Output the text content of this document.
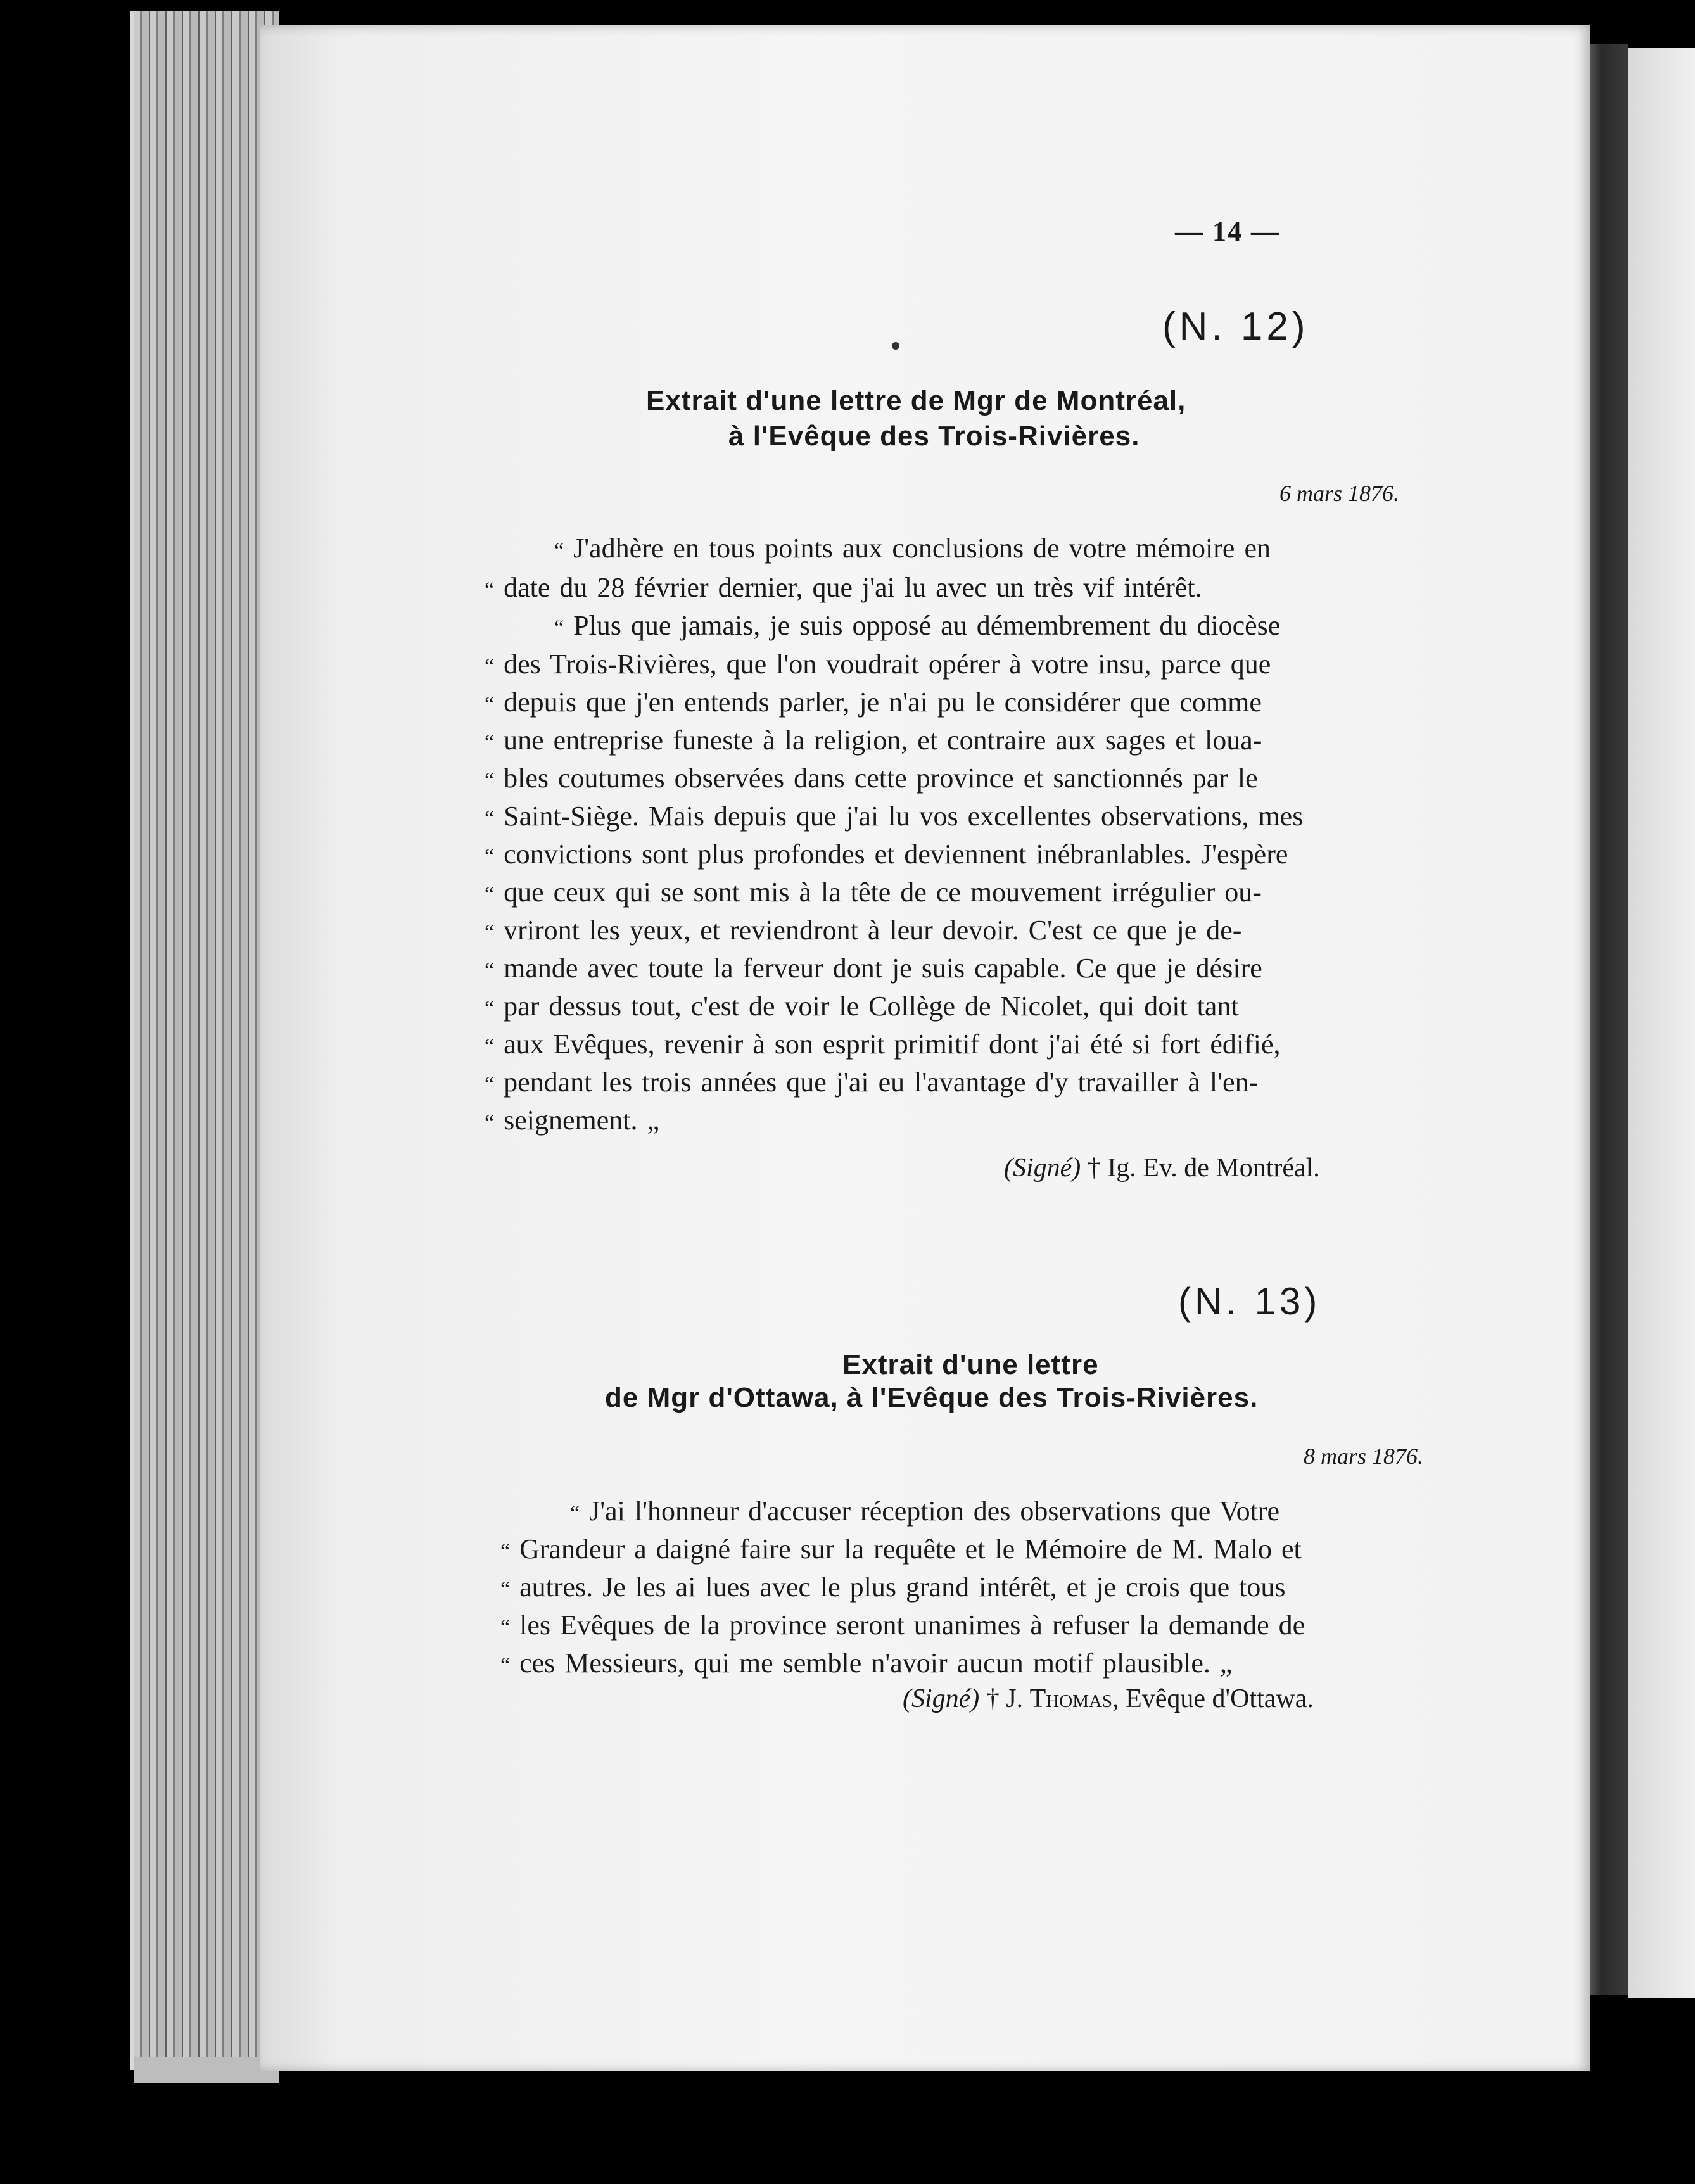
— 14 —
(N. 12)
Extrait d'une lettre de Mgr de Montréal,
à l'Evêque des Trois-Rivières.
6 mars 1876.
“ J'adhère en tous points aux conclusions de votre mémoire en
“ date du 28 février dernier, que j'ai lu avec un très vif intérêt.
“ Plus que jamais, je suis opposé au démembrement du diocèse
“ des Trois-Rivières, que l'on voudrait opérer à votre insu, parce que
“ depuis que j'en entends parler, je n'ai pu le considérer que comme
“ une entreprise funeste à la religion, et contraire aux sages et loua-
“ bles coutumes observées dans cette province et sanctionnés par le
“ Saint-Siège. Mais depuis que j'ai lu vos excellentes observations, mes
“ convictions sont plus profondes et deviennent inébranlables. J'espère
“ que ceux qui se sont mis à la tête de ce mouvement irrégulier ou-
“ vriront les yeux, et reviendront à leur devoir. C'est ce que je de-
“ mande avec toute la ferveur dont je suis capable. Ce que je désire
“ par dessus tout, c'est de voir le Collège de Nicolet, qui doit tant
“ aux Evêques, revenir à son esprit primitif dont j'ai été si fort édifié,
“ pendant les trois années que j'ai eu l'avantage d'y travailler à l'en-
“ seignement. „
(Signé) † Ig. Ev. de Montréal.
(N. 13)
Extrait d'une lettre
de Mgr d'Ottawa, à l'Evêque des Trois-Rivières.
8 mars 1876.
“ J'ai l'honneur d'accuser réception des observations que Votre
“ Grandeur a daigné faire sur la requête et le Mémoire de M. Malo et
“ autres. Je les ai lues avec le plus grand intérêt, et je crois que tous
“ les Evêques de la province seront unanimes à refuser la demande de
“ ces Messieurs, qui me semble n'avoir aucun motif plausible. „
(Signé) † J. Thomas, Evêque d'Ottawa.
